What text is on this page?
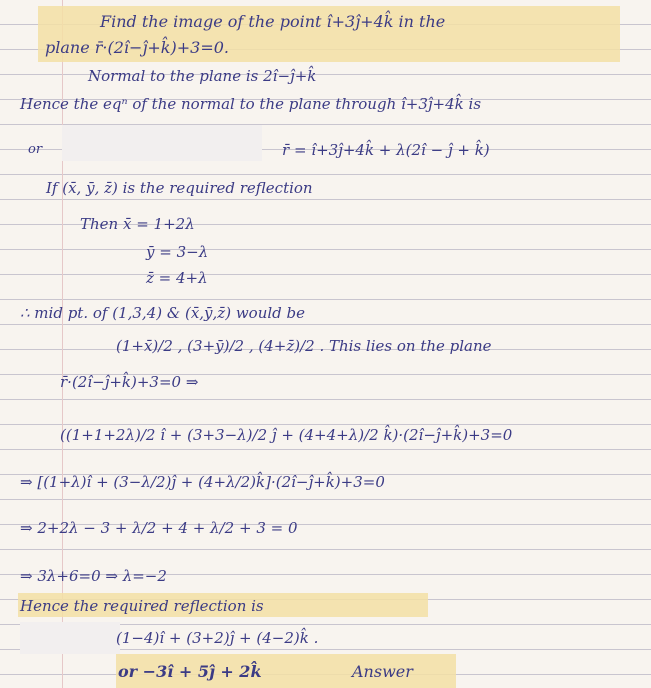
Find the image of the point î+3ĵ+4k̂ in the
plane r̄·(2î−ĵ+k̂)+3=0.
Normal to the plane is 2î−ĵ+k̂
Hence the eqⁿ of the normal to the plane through î+3ĵ+4k̂ is
or	r̄ = î+3ĵ+4k̂ + λ(2î − ĵ + k̂)
If (x̄, ȳ, z̄) is the required reflection
Then x̄ = 1+2λ
ȳ = 3−λ
z̄ = 4+λ
∴ mid pt. of (1,3,4) & (x̄,ȳ,z̄) would be
(1+x̄)/2 , (3+ȳ)/2 , (4+z̄)/2 . This lies on the plane
r̄·(2î−ĵ+k̂)+3=0 ⇒
((1+1+2λ)/2 î + (3+3−λ)/2 ĵ + (4+4+λ)/2 k̂)·(2î−ĵ+k̂)+3=0
⇒ [(1+λ)î + (3−λ/2)ĵ + (4+λ/2)k̂]·(2î−ĵ+k̂)+3=0
⇒ 2+2λ − 3 + λ/2 + 4 + λ/2 + 3 = 0
⇒ 3λ+6=0 ⇒ λ=−2
Hence the required reflection is
(1−4)î + (3+2)ĵ + (4−2)k̂ .
or −3î + 5ĵ + 2k̂	Answer
